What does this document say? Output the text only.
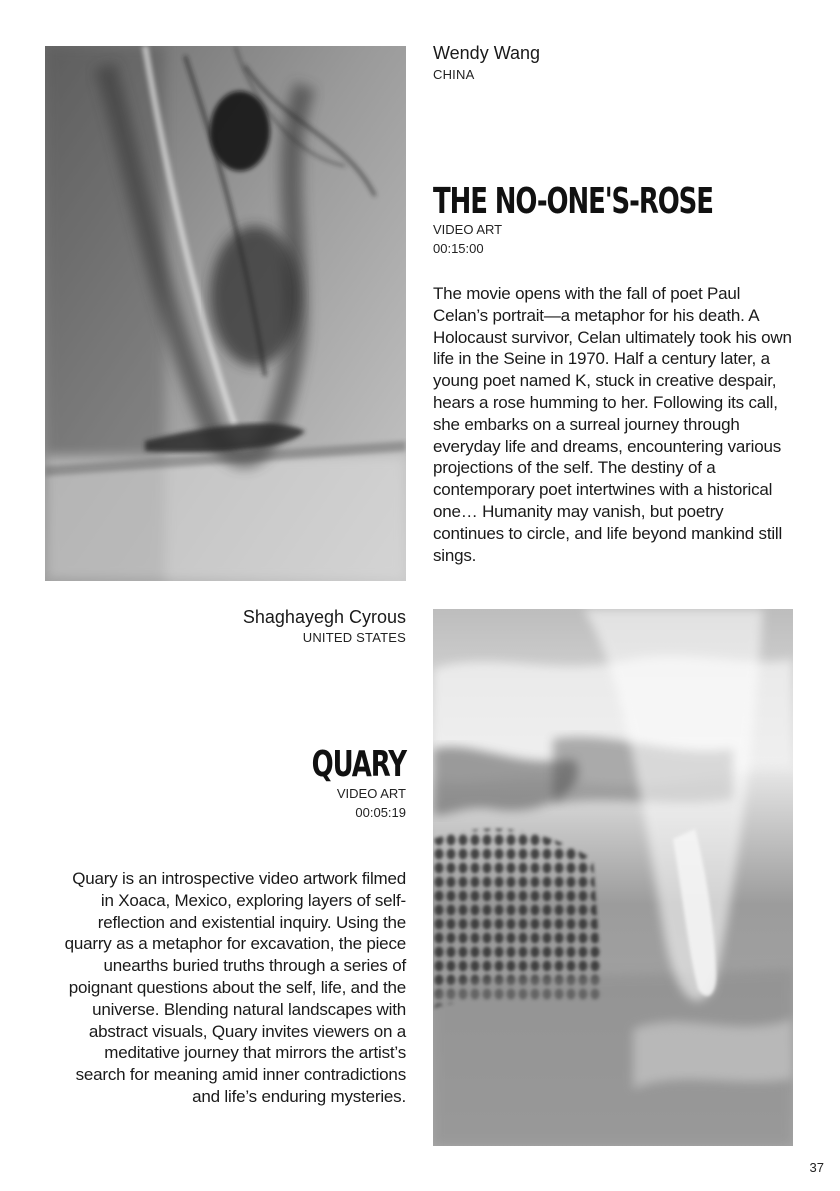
Wendy Wang
CHINA
THE NO-ONE'S-ROSE
VIDEO ART
00:15:00
The movie opens with the fall of poet Paul Celan’s portrait—a metaphor for his death. A Holocaust survivor, Celan ultimately took his own life in the Seine in 1970. Half a century later, a young poet named K, stuck in creative despair, hears a rose humming to her. Following its call, she embarks on a surreal journey through everyday life and dreams, encountering various projections of the self. The destiny of a contemporary poet intertwines with a historical one… Humanity may vanish, but poetry continues to circle, and life beyond mankind still sings.
Shaghayegh Cyrous
UNITED STATES
QUARY
VIDEO ART
00:05:19
Quary is an introspective video artwork filmed in Xoaca, Mexico, exploring layers of self-reflection and existential inquiry. Using the quarry as a metaphor for excavation, the piece unearths buried truths through a series of poignant questions about the self, life, and the universe. Blending natural landscapes with abstract visuals, Quary invites viewers on a meditative journey that mirrors the artist’s search for meaning amid inner contradictions and life’s enduring mysteries.
37
